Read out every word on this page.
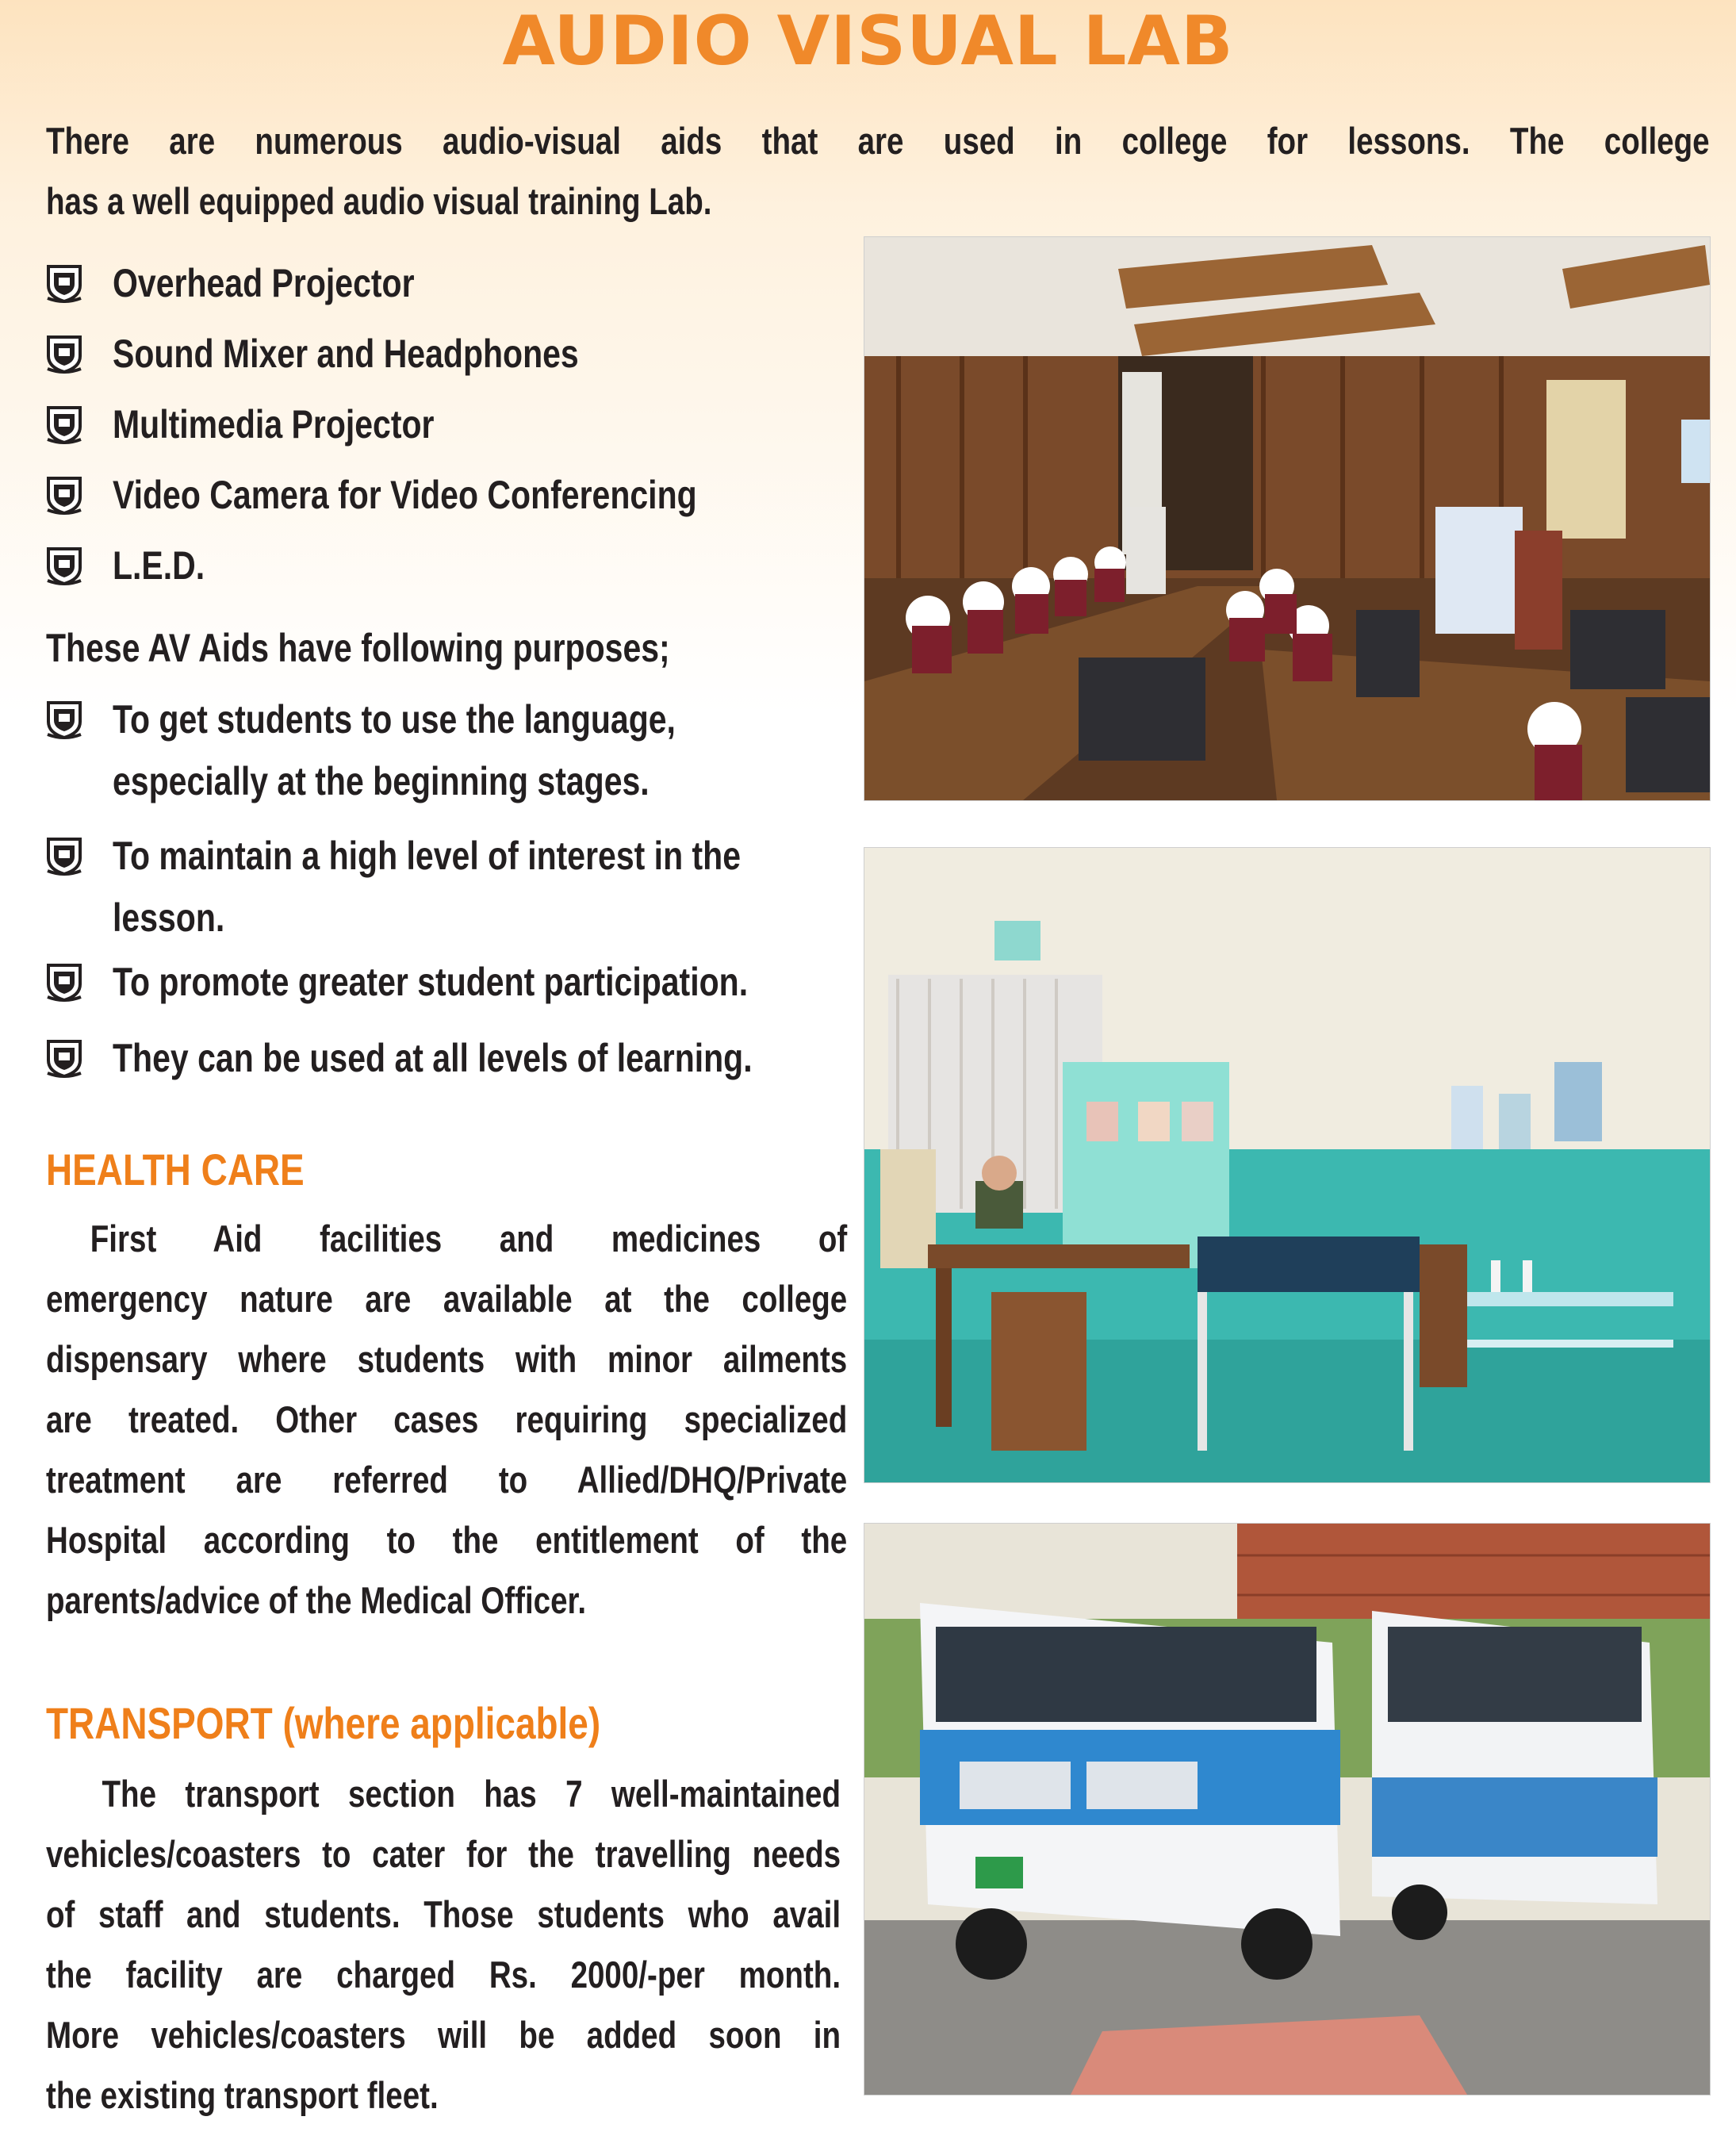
AUDIO VISUAL LAB
There are numerous audio-visual aids that are used in college for lessons. The college
has a well equipped audio visual training Lab.
Overhead Projector
Sound Mixer and Headphones
Multimedia Projector
Video Camera for Video Conferencing
L.E.D.
These AV Aids have following purposes;
To get students to use the language,
especially at the beginning stages.
To maintain a high level of interest in the
lesson.
To promote greater student participation.
They can be used at all levels of learning.
HEALTH CARE
First Aid facilities and medicines of
emergency nature are available at the college
dispensary where students with minor ailments
are treated. Other cases requiring specialized
treatment are referred to Allied/DHQ/Private
Hospital according to the entitlement of the
parents/advice of the Medical Officer.
TRANSPORT (where applicable)
The transport section has 7 well-maintained
vehicles/coasters to cater for the travelling needs
of staff and students. Those students who avail
the facility are charged Rs. 2000/-per month.
More vehicles/coasters will be added soon in
the existing transport fleet.
